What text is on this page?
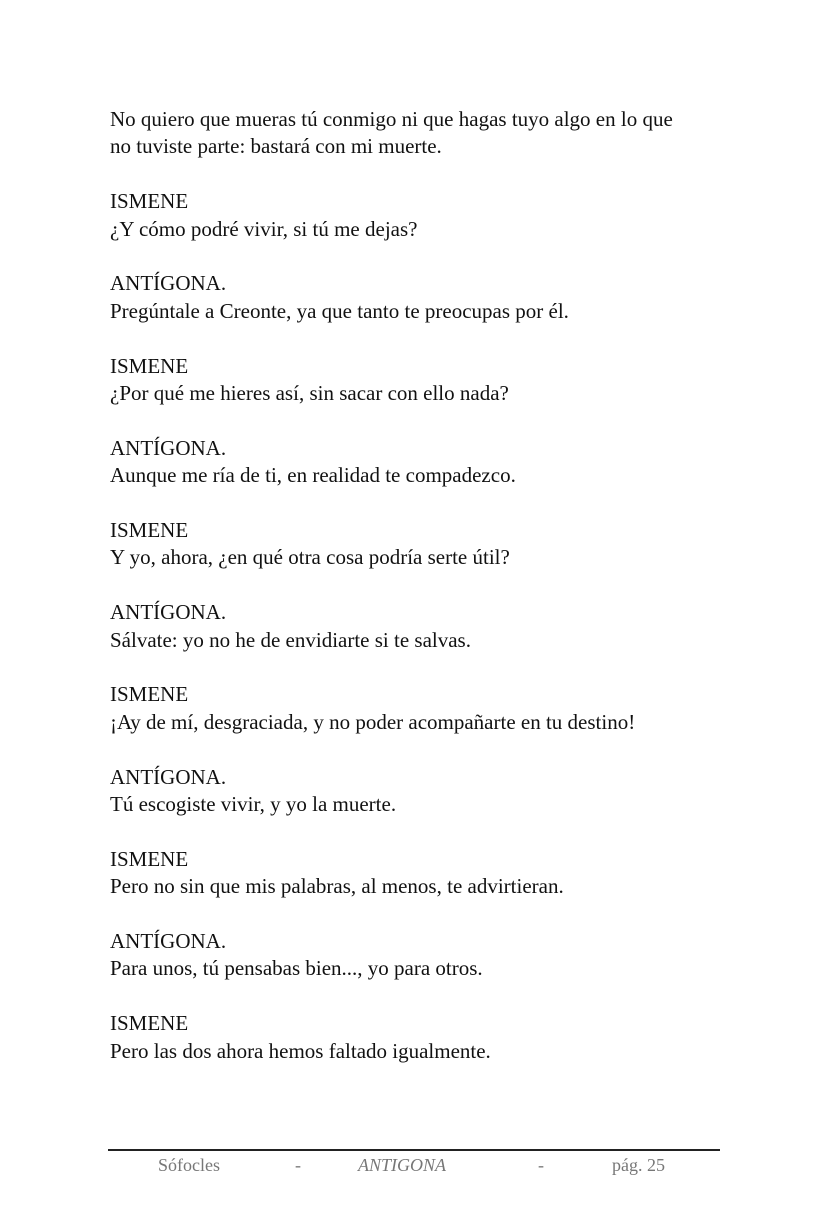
No quiero que mueras tú conmigo ni que hagas tuyo algo en lo que

no tuviste parte: bastará con mi muerte.

ISMENE

¿Y cómo podré vivir, si tú me dejas?

ANTÍGONA.

Pregúntale a Creonte, ya que tanto te preocupas por él.

ISMENE

¿Por qué me hieres así, sin sacar con ello nada?

ANTÍGONA.

Aunque me ría de ti, en realidad te compadezco.

ISMENE

Y yo, ahora, ¿en qué otra cosa podría serte útil?

ANTÍGONA.

Sálvate: yo no he de envidiarte si te salvas.

ISMENE

¡Ay de mí, desgraciada, y no poder acompañarte en tu destino!

ANTÍGONA.

Tú escogiste vivir, y yo la muerte.

ISMENE

Pero no sin que mis palabras, al menos, te advirtieran.

ANTÍGONA.

Para unos, tú pensabas bien..., yo para otros.

ISMENE

Pero las dos ahora hemos faltado igualmente.

Sófocles	-	ANTIGONA	-	pág. 25
